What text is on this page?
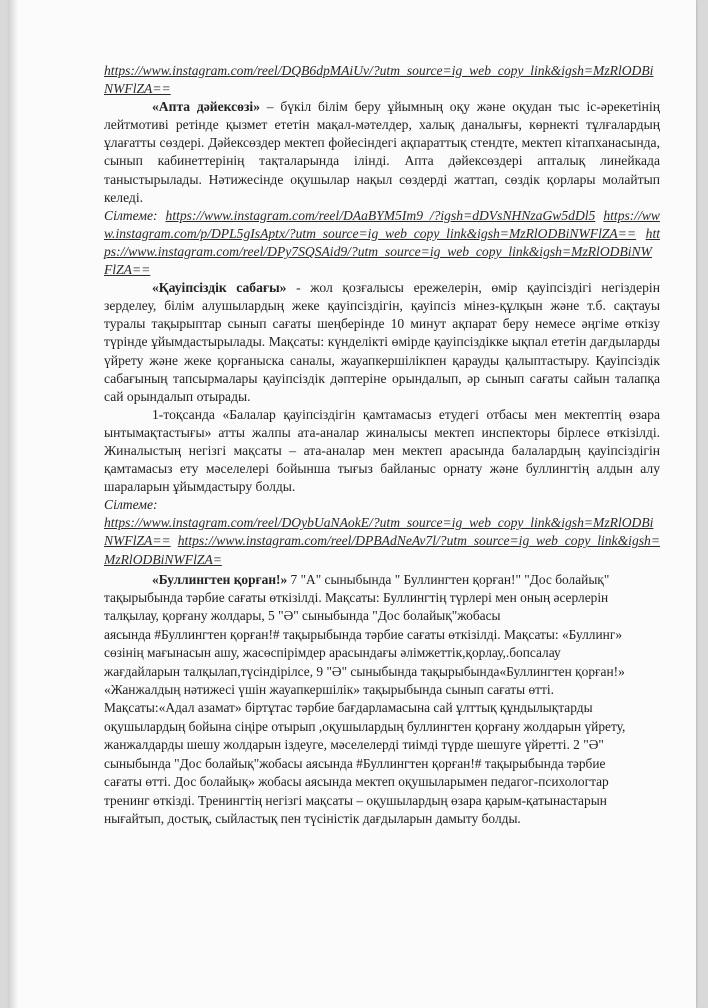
https://www.instagram.com/reel/DQB6dpMAiUv/?utm_source=ig_web_copy_link&igsh=MzRlODBiNWFlZA==

«Апта дәйексөзі» – бүкіл білім беру ұйымның оқу және оқудан тыс іс-әрекетінің лейтмотиві ретінде қызмет ететін мақал-мәтелдер, халық даналығы, көрнекті тұлғалардың ұлағатты сөздері. Дәйексөздер мектеп фойесіндегі ақпараттық стендте, мектеп кітапханасында, сынып кабинеттерінің тақталарында ілінді. Апта дәйексөздері апталық линейкада таныстырылады. Нәтижесінде оқушылар нақыл сөздерді жаттап, сөздік қорлары молайтып келеді.

Сілтеме: https://www.instagram.com/reel/DAaBYM5Im9_/?igsh=dDVsNHNzaGw5dDl5 https://www.instagram.com/p/DPL5gIsAptx/?utm_source=ig_web_copy_link&igsh=MzRlODBiNWFlZA== https://www.instagram.com/reel/DPy7SQSAid9/?utm_source=ig_web_copy_link&igsh=MzRlODBiNWFlZA==

«Қауіпсіздік сабағы» - жол қозғалысы ережелерін, өмір қауіпсіздігі негіздерін зерделеу, білім алушылардың жеке қауіпсіздігін, қауіпсіз мінез-құлқын және т.б. сақтауы туралы тақырыптар сынып сағаты шеңберінде 10 минут ақпарат беру немесе әңгіме өткізу түрінде ұйымдастырылады. Мақсаты: күнделікті өмірде қауіпсіздікке ықпал ететін дағдыларды үйрету және жеке қорғаныска саналы, жауапкершілікпен қарауды қалыптастыру. Қауіпсіздік сабағының тапсырмалары қауіпсіздік дәптеріне орындалып, әр сынып сағаты сайын талапқа сай орындалып отырады.

1-тоқсанда «Балалар қауіпсіздігін қамтамасыз етудегі отбасы мен мектептің өзара ынтымақтастығы» атты жалпы ата-аналар жиналысы мектеп инспекторы бірлесе өткізілді. Жиналыстың негізгі мақсаты – ата-аналар мен мектеп арасында балалардың қауіпсіздігін қамтамасыз ету мәселелері бойынша тығыз байланыс орнату және буллингтің алдын алу шараларын ұйымдастыру болды.

Сілтеме:
https://www.instagram.com/reel/DOybUaNAokE/?utm_source=ig_web_copy_link&igsh=MzRlODBiNWFlZA== https://www.instagram.com/reel/DPBAdNeAv7l/?utm_source=ig_web_copy_link&igsh=MzRlODBiNWFlZA=

«Буллингтен қорған!» 7 "А" сыныбында " Буллингтен қорған!" "Дос болайық"
тақырыбында тәрбие сағаты өткізілді. Мақсаты: Буллингтің түрлері мен оның әсерлерін
талқылау, қорғану жолдары, 5 "Ә" сыныбында "Дос болайық"жобасы
аясында #Буллингтен қорған!# тақырыбында тәрбие сағаты өткізілді. Мақсаты: «Буллинг»
сөзінің мағынасын ашу, жасөспірімдер арасындағы әлімжеттік,қорлау,.бопсалау
жағдайларын талқылап,түсіндірілсе, 9 "Ә" сыныбында тақырыбында«Буллингтен қорған!»
«Жанжалдың нәтижесі үшін жауапкершілік» тақырыбында сынып сағаты өтті.
Мақсаты:«Адал азамат» біртұтас тәрбие бағдарламасына сай ұлттық құндылықтарды
оқушылардың бойына сіңіре отырып ,оқушылардың буллингтен қорғану жолдарын үйрету,
жанжалдарды шешу жолдарын іздеуге, мәселелерді тиімді түрде шешуге үйретті. 2 "Ә"
сыныбында "Дос болайық"жобасы аясында #Буллингтен қорған!# тақырыбында тәрбие
сағаты өтті. Дос болайық» жобасы аясында мектеп оқушыларымен педагог-психологтар
тренинг өткізді. Тренингтің негізгі мақсаты – оқушылардың өзара қарым-қатынастарын
нығайтып, достық, сыйластық пен түсіністік дағдыларын дамыту болды.
